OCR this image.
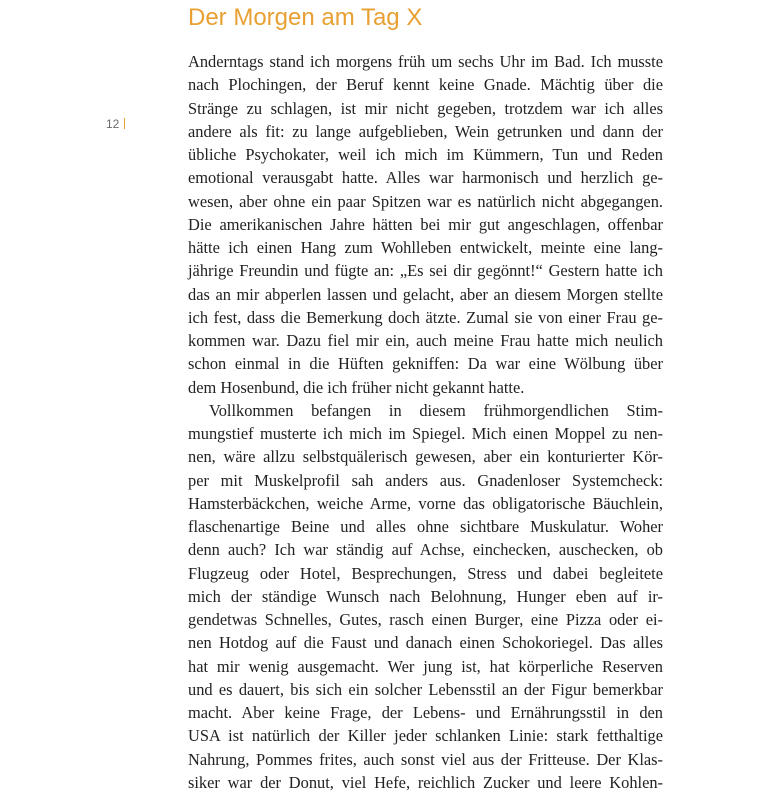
Der Morgen am Tag X
12
Anderntags stand ich morgens früh um sechs Uhr im Bad. Ich musste
nach Plochingen, der Beruf kennt keine Gnade. Mächtig über die
Stränge zu schlagen, ist mir nicht gegeben, trotzdem war ich alles
andere als fit: zu lange aufgeblieben, Wein getrunken und dann der
übliche Psychokater, weil ich mich im Kümmern, Tun und Reden
emotional verausgabt hatte. Alles war harmonisch und herzlich ge-
wesen, aber ohne ein paar Spitzen war es natürlich nicht abgegangen.
Die amerikanischen Jahre hätten bei mir gut angeschlagen, offenbar
hätte ich einen Hang zum Wohlleben entwickelt, meinte eine lang-
jährige Freundin und fügte an: „Es sei dir gegönnt!“ Gestern hatte ich
das an mir abperlen lassen und gelacht, aber an diesem Morgen stellte
ich fest, dass die Bemerkung doch ätzte. Zumal sie von einer Frau ge-
kommen war. Dazu fiel mir ein, auch meine Frau hatte mich neulich
schon einmal in die Hüften gekniffen: Da war eine Wölbung über
dem Hosenbund, die ich früher nicht gekannt hatte.
Vollkommen befangen in diesem frühmorgendlichen Stim-
mungstief musterte ich mich im Spiegel. Mich einen Moppel zu nen-
nen, wäre allzu selbstquälerisch gewesen, aber ein konturierter Kör-
per mit Muskelprofil sah anders aus. Gnadenloser Systemcheck:
Hamsterbäckchen, weiche Arme, vorne das obligatorische Bäuchlein,
flaschenartige Beine und alles ohne sichtbare Muskulatur. Woher
denn auch? Ich war ständig auf Achse, einchecken, auschecken, ob
Flugzeug oder Hotel, Besprechungen, Stress und dabei begleitete
mich der ständige Wunsch nach Belohnung, Hunger eben auf ir-
gendetwas Schnelles, Gutes, rasch einen Burger, eine Pizza oder ei-
nen Hotdog auf die Faust und danach einen Schokoriegel. Das alles
hat mir wenig ausgemacht. Wer jung ist, hat körperliche Reserven
und es dauert, bis sich ein solcher Lebensstil an der Figur bemerkbar
macht. Aber keine Frage, der Lebens- und Ernährungsstil in den
USA ist natürlich der Killer jeder schlanken Linie: stark fetthaltige
Nahrung, Pommes frites, auch sonst viel aus der Fritteuse. Der Klas-
siker war der Donut, viel Hefe, reichlich Zucker und leere Kohlen-
